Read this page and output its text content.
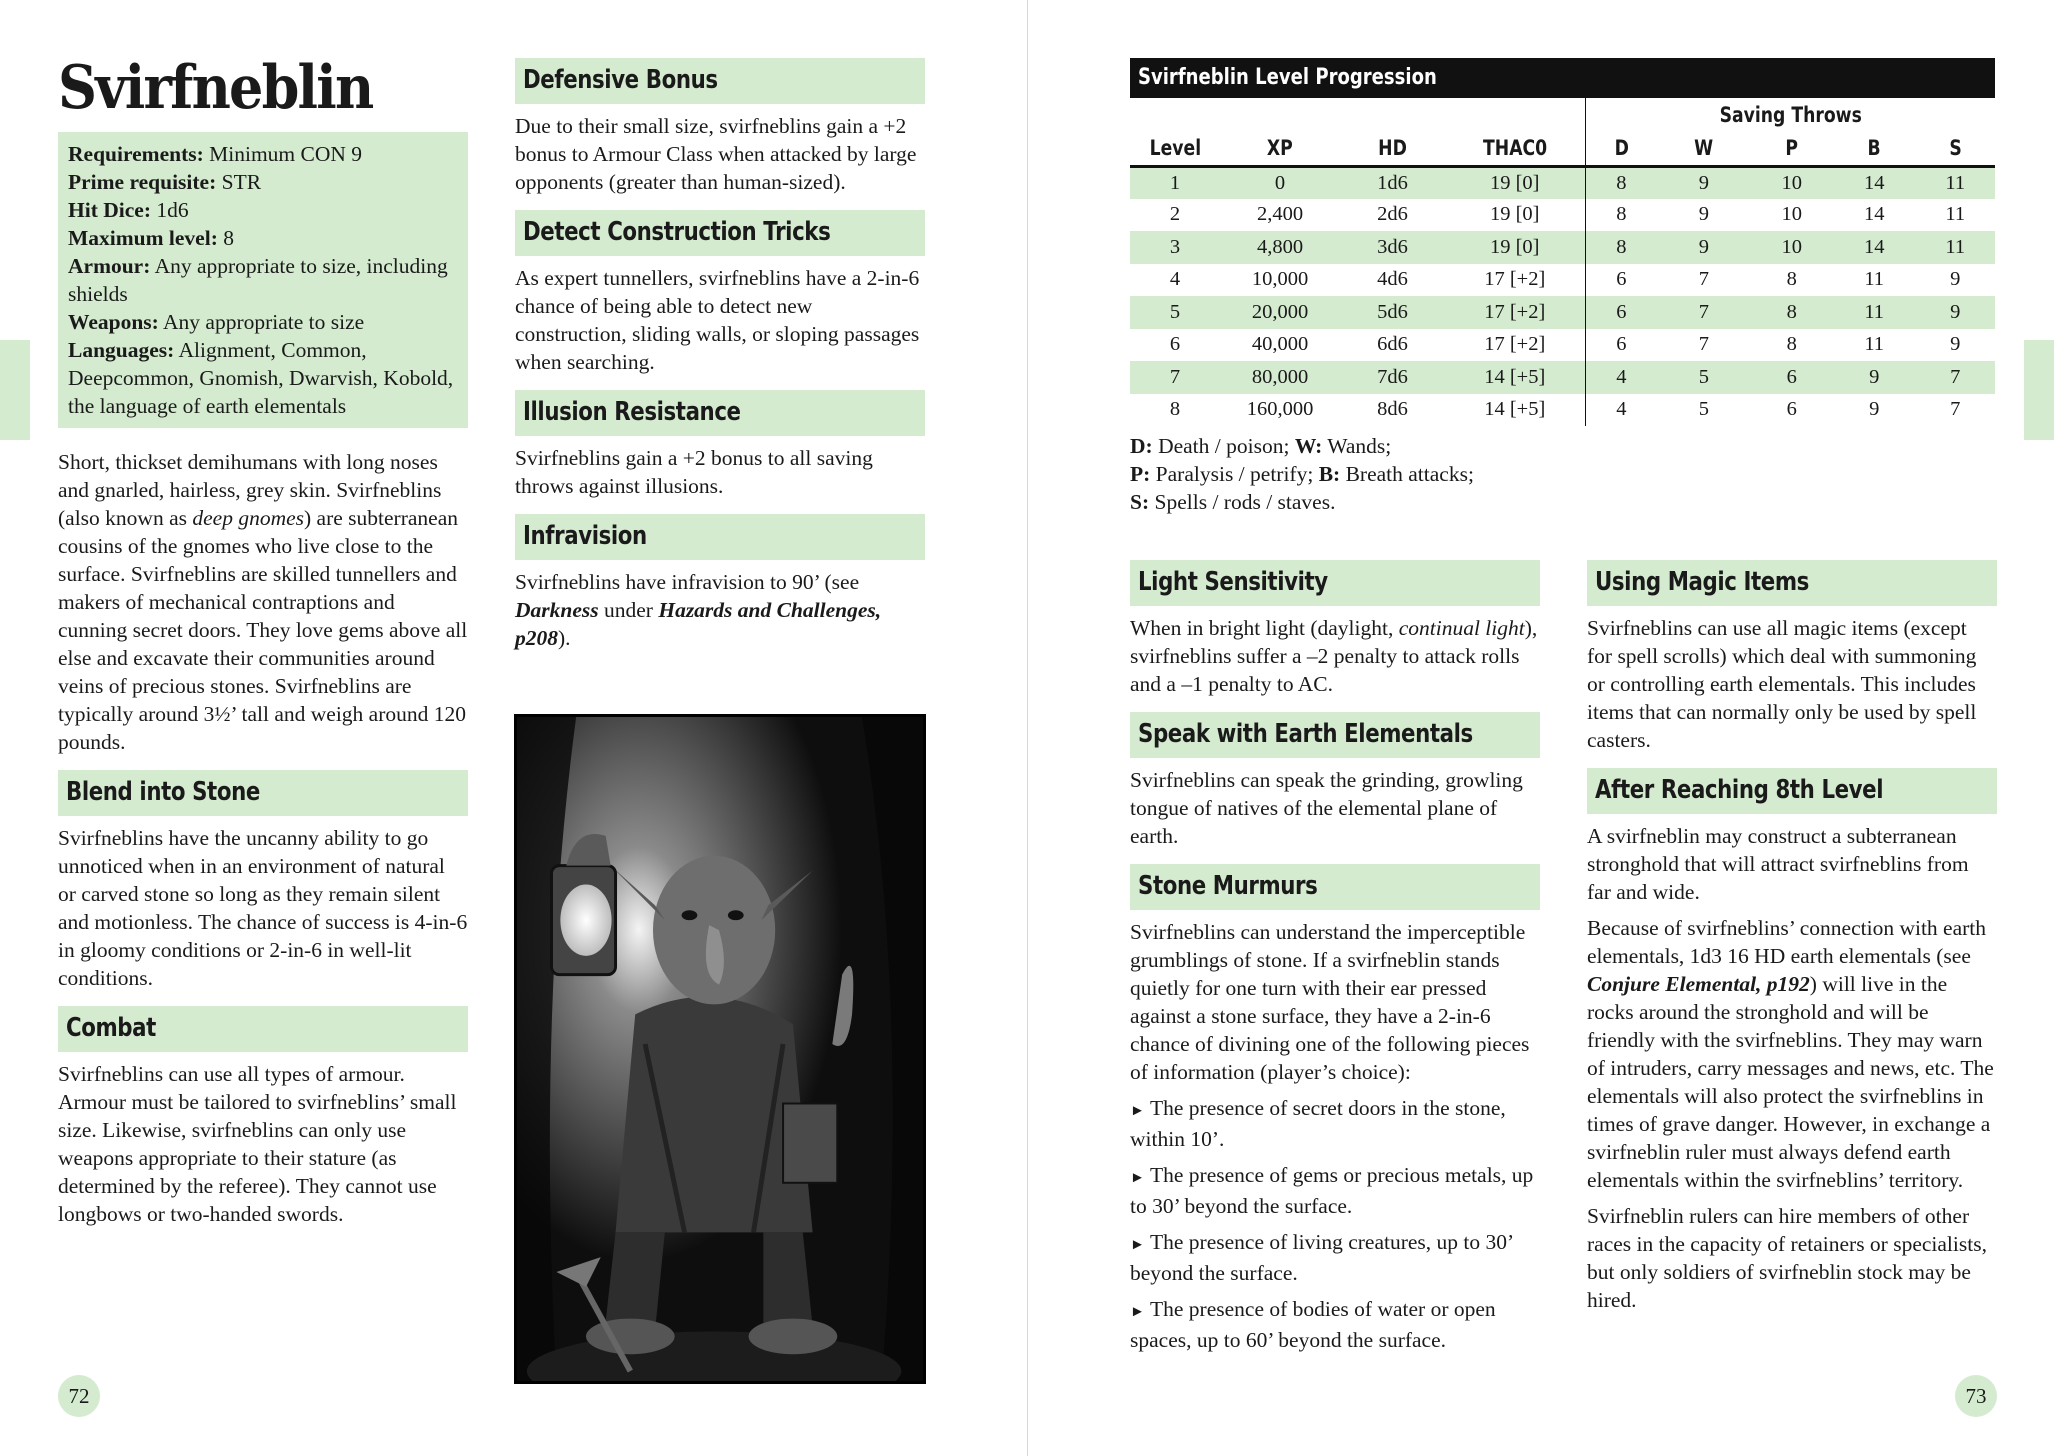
Svirfneblin
Requirements: Minimum CON 9
Prime requisite: STR
Hit Dice: 1d6
Maximum level: 8
Armour: Any appropriate to size, including shields
Weapons: Any appropriate to size
Languages: Alignment, Common, Deepcommon, Gnomish, Dwarvish, Kobold, the language of earth elementals

Short, thickset demihumans with long noses and gnarled, hairless, grey skin. Svirfneblins (also known as deep gnomes) are subterranean cousins of the gnomes who live close to the surface. Svirfneblins are skilled tunnellers and makers of mechanical contraptions and cunning secret doors. They love gems above all else and excavate their communities around veins of precious stones. Svirfneblins are typically around 3½’ tall and weigh around 120 pounds.

Blend into Stone

Svirfneblins have the uncanny ability to go unnoticed when in an environment of natural or carved stone so long as they remain silent and motionless. The chance of success is 4-in-6 in gloomy conditions or 2-in-6 in well-lit conditions.

Combat

Svirfneblins can use all types of armour. Armour must be tailored to svirfneblins’ small size. Likewise, svirfneblins can only use weapons appropriate to their stature (as determined by the referee). They cannot use longbows or two-handed swords.

Defensive Bonus

Due to their small size, svirfneblins gain a +2 bonus to Armour Class when attacked by large opponents (greater than human-sized).

Detect Construction Tricks

As expert tunnellers, svirfneblins have a 2-in-6 chance of being able to detect new construction, sliding walls, or sloping passages when searching.

Illusion Resistance

Svirfneblins gain a +2 bonus to all saving throws against illusions.

Infravision

Svirfneblins have infravision to 90’ (see Darkness under Hazards and Challenges, p208).

72
Svirfneblin Level Progression
				Saving Throws				
Level	XP	HD	THAC0	D	W	P	B	S
1	0	1d6	19 [0]	8	9	10	14	11
2	2,400	2d6	19 [0]	8	9	10	14	11
3	4,800	3d6	19 [0]	8	9	10	14	11
4	10,000	4d6	17 [+2]	6	7	8	11	9
5	20,000	5d6	17 [+2]	6	7	8	11	9
6	40,000	6d6	17 [+2]	6	7	8	11	9
7	80,000	7d6	14 [+5]	4	5	6	9	7
8	160,000	8d6	14 [+5]	4	5	6	9	7
D: Death / poison; W: Wands;
P: Paralysis / petrify; B: Breath attacks;
S: Spells / rods / staves.
Light Sensitivity

When in bright light (daylight, continual light), svirfneblins suffer a –2 penalty to attack rolls and a –1 penalty to AC.

Speak with Earth Elementals

Svirfneblins can speak the grinding, growling tongue of natives of the elemental plane of earth.

Stone Murmurs

Svirfneblins can understand the imperceptible grumblings of stone. If a svirfneblin stands quietly for one turn with their ear pressed against a stone surface, they have a 2-in-6 chance of divining one of the following pieces of information (player’s choice):

► The presence of secret doors in the stone, within 10’.
► The presence of gems or precious metals, up to 30’ beyond the surface.
► The presence of living creatures, up to 30’ beyond the surface.
► The presence of bodies of water or open spaces, up to 60’ beyond the surface.
Using Magic Items

Svirfneblins can use all magic items (except for spell scrolls) which deal with summoning or controlling earth elementals. This includes items that can normally only be used by spell casters.

After Reaching 8th Level

A svirfneblin may construct a subterranean stronghold that will attract svirfneblins from far and wide.

Because of svirfneblins’ connection with earth elementals, 1d3 16 HD earth elementals (see Conjure Elemental, p192) will live in the rocks around the stronghold and will be friendly with the svirfneblins. They may warn of intruders, carry messages and news, etc. The elementals will also protect the svirfneblins in times of grave danger. However, in exchange a svirfneblin ruler must always defend earth elementals within the svirfneblins’ territory.

Svirfneblin rulers can hire members of other races in the capacity of retainers or specialists, but only soldiers of svirfneblin stock may be hired.

73
